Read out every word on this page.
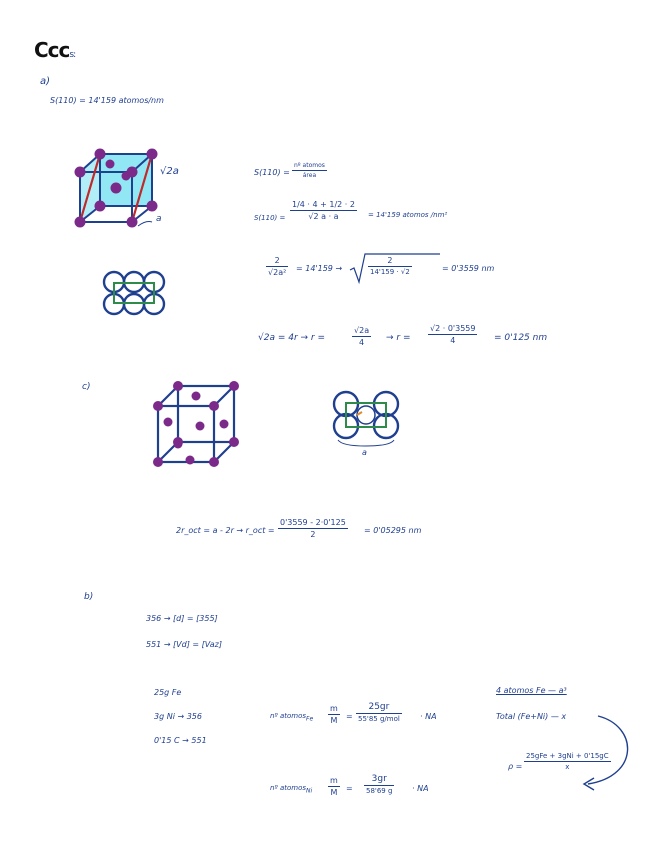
Cccs:
a)
S(110) = 14'159 atomos/nm
√2a
a
S(110) =
nº atomos
área
S(110) =
1/4 · 4 + 1/2 · 2
√2 a · a	= 14'159 atomos /nm²
2
√2a² = 14'159 →
2
14'159 · √2	= 0'3559 nm
√2a = 4r → r =
√2a
4 → r =
√2 · 0'3559
4	= 0'125 nm
c)
a
2r_oct = a - 2r → r_oct =
0'3559 - 2·0'125
2	= 0'05295 nm
b)
356 → [d] = [355]
551 → [Vd] = [Vaz]
25g Fe
3g Ni → 356
0'15 C → 551
nº atomos$_{Fe}$
m
M =
25gr
55'85 g/mol	· NA
nº atomos$_{Ni}$
m
M =
3gr
58'69 g · NA
4 atomos Fe — a³
Total (Fe+Ni) — x
ρ =
25gFe + 3gNi + 0'15gC
x
